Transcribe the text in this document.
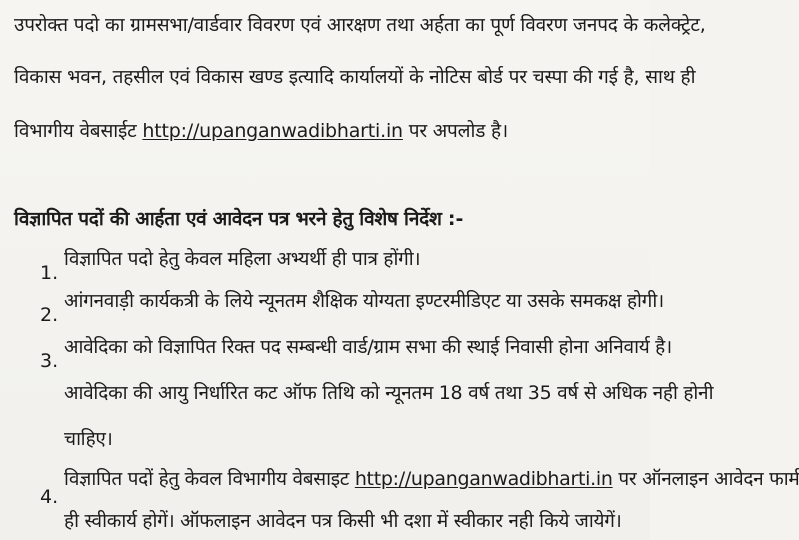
उपरोक्त पदो का ग्रामसभा/वार्डवार विवरण एवं आरक्षण तथा अर्हता का पूर्ण विवरण जनपद के कलेक्ट्रेट,
विकास भवन, तहसील एवं विकास खण्ड इत्यादि कार्यालयों के नोटिस बोर्ड पर चस्पा की गई है, साथ ही
विभागीय वेबसाईट http://upanganwadibharti.in पर अपलोड है।
विज्ञापित पदों की आर्हता एवं आवेदन पत्र भरने हेतु विशेष निर्देश :-
1.
विज्ञापित पदो हेतु केवल महिला अभ्यर्थी ही पात्र होंगी।
2.
आंगनवाड़ी कार्यकत्री के लिये न्यूनतम शैक्षिक योग्यता इण्टरमीडिएट या उसके समकक्ष होगी।
3.
आवेदिका को विज्ञापित रिक्त पद सम्बन्धी वार्ड/ग्राम सभा की स्थाई निवासी होना अनिवार्य है।
आवेदिका की आयु निर्धारित कट ऑफ तिथि को न्यूनतम 18 वर्ष तथा 35 वर्ष से अधिक नही होनी
चाहिए।
4.
विज्ञापित पदों हेतु केवल विभागीय वेबसाइट http://upanganwadibharti.in पर ऑनलाइन आवेदन फार्म
ही स्वीकार्य होगें। ऑफलाइन आवेदन पत्र किसी भी दशा में स्वीकार नही किये जायेगें।
